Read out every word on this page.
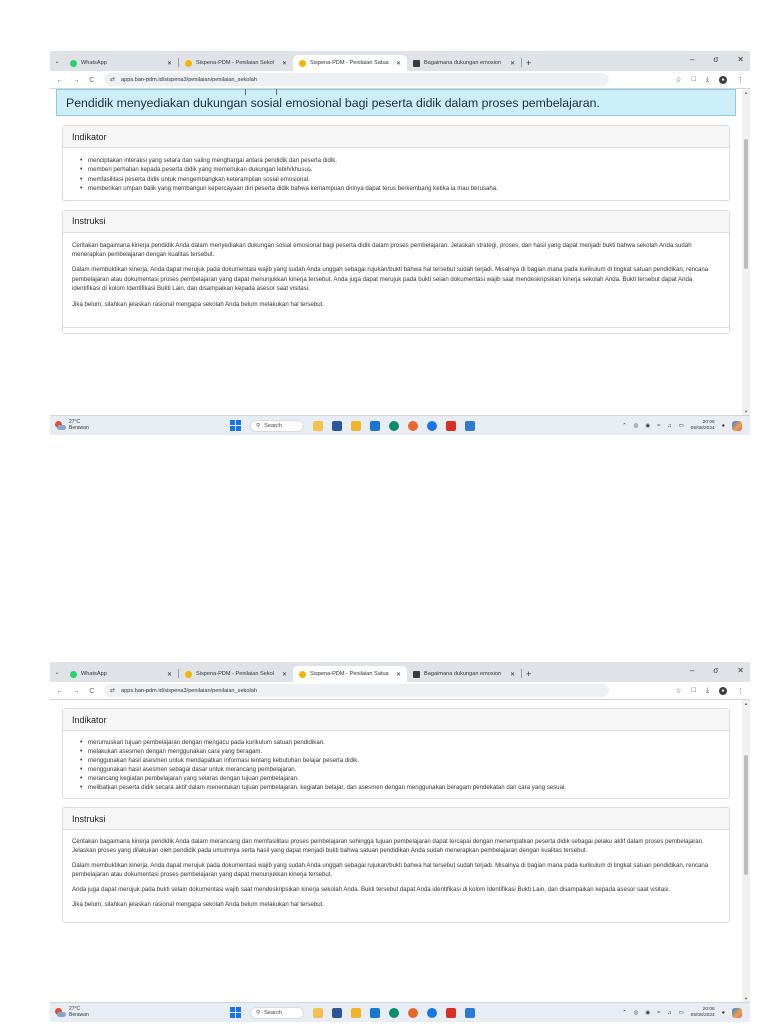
⌄	WhatsApp	✕	Sispena-PDM - Penilaian Sekol	✕	Sispena-PDM - Penilaian Satua	✕	Bagaimana dukungan emosion	✕	+	– σ ✕
← → C	⇄ apps.ban-pdm.id/sispena3/penilaian/penilaian_sekolah	☆ □ ⤓	●	⋮
Pendidik menyediakan dukungan sosial emosional bagi peserta didik dalam proses pembelajaran.
Indikator
• menciptakan interaksi yang setara dan saling menghargai antara pendidik dan peserta didik.
• memberi perhatian kepada peserta didik yang memerlukan dukungan lebih/khusus.
• memfasilitasi peserta didik untuk mengembangkan keterampilan sosial emosional.
• memberikan umpan balik yang membangun kepercayaan diri peserta didik bahwa kemampuan dirinya dapat terus berkembang ketika ia mau berusaha.
Instruksi

Ceritakan bagaimana kinerja pendidik Anda dalam menyediakan dukungan sosial emosional bagi peserta didik dalam proses pembelajaran. Jelaskan strategi, proses, dan hasil yang dapat menjadi bukti bahwa sekolah Anda sudah menerapkan pembelajaran dengan kualitas tersebut.

Dalam membuktikan kinerja, Anda dapat merujuk pada dokumentasi wajib yang sudah Anda unggah sebagai rujukan/bukti bahwa hal tersebut sudah terjadi. Misalnya di bagian mana pada kurikulum di tingkat satuan pendidikan, rencana pembelajaran atau dokumentasi proses pembelajaran yang dapat menunjukkan kinerja tersebut. Anda juga dapat merujuk pada bukti selain dokumentasi wajib saat mendeskripsikan kinerja sekolah Anda. Bukti tersebut dapat Anda identifikasi di kolom Identifikasi Bukti Lain, dan disampaikan kepada asesor saat visitasi.

Jika belum, silahkan jelaskan rasional mengapa sekolah Anda belum melakukan hal tersebut.

▲
▼
27°C
Berawan	⚲ Search	⌃ ◎ ◉ ≈ ♫ ▭
20:06
05/08/2024 ●
⌄	WhatsApp	✕	Sispena-PDM - Penilaian Sekol	✕	Sispena-PDM - Penilaian Satua	✕	Bagaimana dukungan emosion	✕	+	– σ ✕
← → C	⇄ apps.ban-pdm.id/sispena3/penilaian/penilaian_sekolah	☆ □ ⤓	●	⋮
Indikator
• merumuskan tujuan pembelajaran dengan mengacu pada kurikulum satuan pendidikan.
• melakukan asesmen dengan menggunakan cara yang beragam.
• menggunakan hasil asesmen untuk mendapatkan informasi tentang kebutuhan belajar peserta didik.
• menggunakan hasil asesmen sebagai dasar untuk merancang pembelajaran.
• merancang kegiatan pembelajaran yang selaras dengan tujuan pembelajaran.
• melibatkan peserta didik secara aktif dalam menentukan tujuan pembelajaran, kegiatan belajar, dan asesmen dengan menggunakan beragam pendekatan dan cara yang sesuai.
Instruksi

Ceritakan bagaimana kinerja pendidik Anda dalam merancang dan memfasilitasi proses pembelajaran sehingga tujuan pembelajaran dapat tercapai dengan menempatkan peserta didik sebagai pelaku aktif dalam proses pembelajaran. Jelaskan proses yang dilakukan oleh pendidik pada umumnya serta hasil yang dapat menjadi bukti bahwa satuan pendidikan Anda sudah menerapkan pembelajaran dengan kualitas tersebut.

Dalam membuktikan kinerja, Anda dapat merujuk pada dokumentasi wajib yang sudah Anda unggah sebagai rujukan/bukti bahwa hal tersebut sudah terjadi. Misalnya di bagian mana pada kurikulum di tingkat satuan pendidikan, rencana pembelajaran atau dokumentasi proses pembelajaran yang dapat menunjukkan kinerja tersebut.

Anda juga dapat merujuk pada bukti selain dokumentasi wajib saat mendeskripsikan kinerja sekolah Anda. Bukti tersebut dapat Anda identifikasi di kolom Identifikasi Bukti Lain, dan disampaikan kepada asesor saat visitasi.

Jika belum, silahkan jelaskan rasional mengapa sekolah Anda belum melakukan hal tersebut.

▲
▼
27°C
Berawan	⚲ Search	⌃ ◎ ◉ ≈ ♫ ▭
20:06
05/08/2024 ●
